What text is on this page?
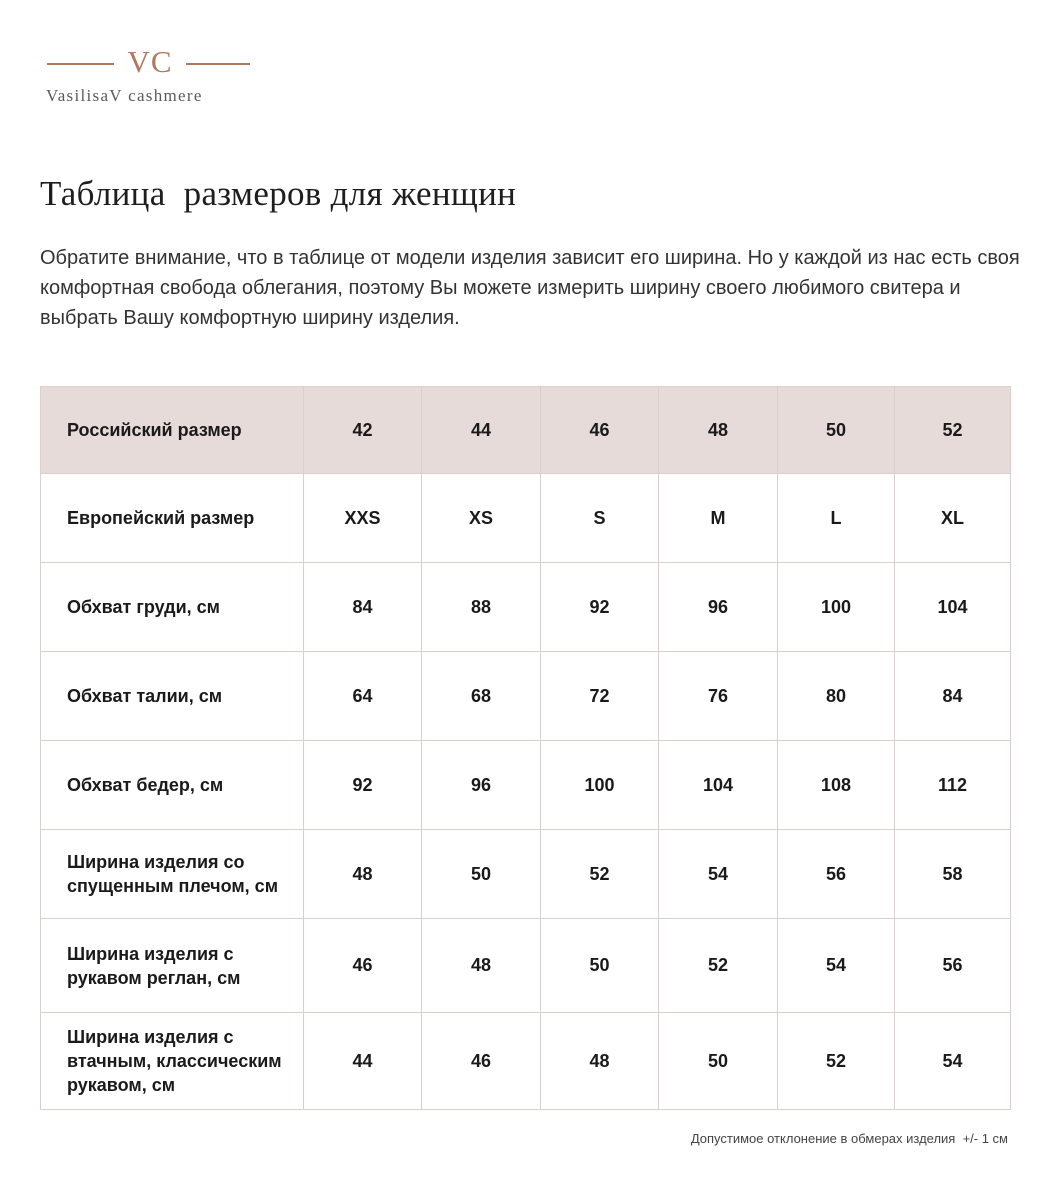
VC
VasilisaV cashmere
Таблица  размеров для женщин

Обратите внимание, что в таблице от модели изделия зависит его ширина. Но у каждой из нас есть своя комфортная свобода облегания, поэтому Вы можете измерить ширину своего любимого свитера и выбрать Вашу комфортную ширину изделия.

Российский размер	42	44	46	48	50	52
Европейский размер	XXS	XS	S	M	L	XL
Обхват груди, см	84	88	92	96	100	104
Обхват талии, см	64	68	72	76	80	84
Обхват бедер, см	92	96	100	104	108	112
Ширина изделия со спущенным плечом, см	48	50	52	54	56	58
Ширина изделия с рукавом реглан, см	46	48	50	52	54	56
Ширина изделия с втачным, классическим рукавом, см	44	46	48	50	52	54
Допустимое отклонение в обмерах изделия  +/- 1 см
